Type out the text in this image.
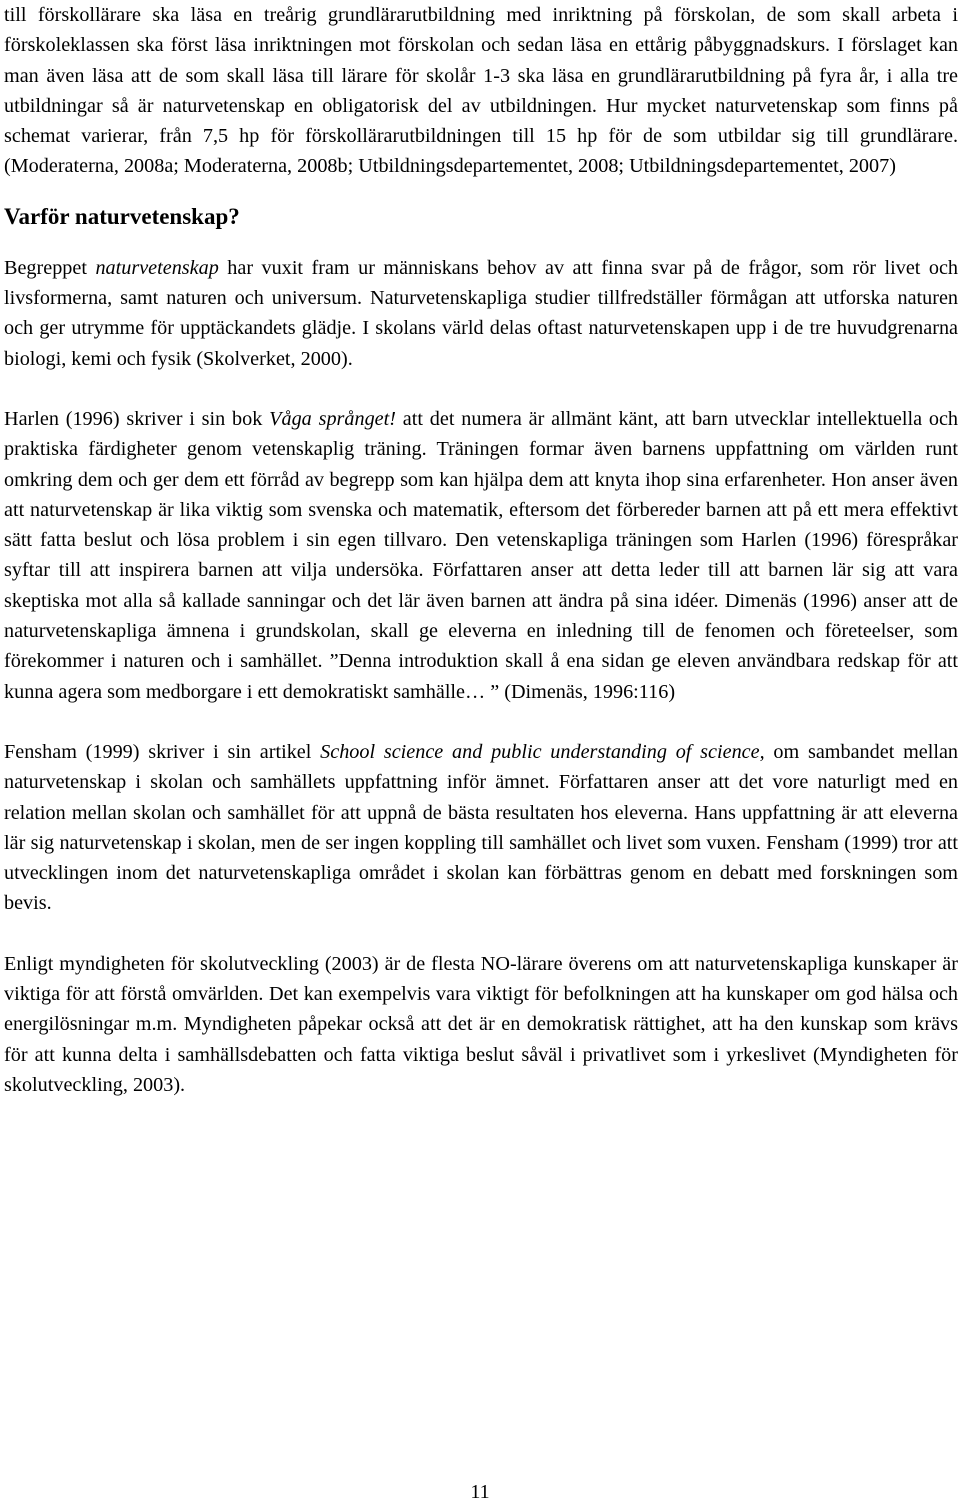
till förskollärare ska läsa en treårig grundlärarutbildning med inriktning på förskolan, de som skall arbeta i förskoleklassen ska först läsa inriktningen mot förskolan och sedan läsa en ettårig påbyggnadskurs. I förslaget kan man även läsa att de som skall läsa till lärare för skolår 1-3 ska läsa en grundlärarutbildning på fyra år, i alla tre utbildningar så är naturvetenskap en obligatorisk del av utbildningen. Hur mycket naturvetenskap som finns på schemat varierar, från 7,5 hp för förskollärarutbildningen till 15 hp för de som utbildar sig till grundlärare. (Moderaterna, 2008a; Moderaterna, 2008b; Utbildningsdepartementet, 2008; Utbildningsdepartementet, 2007)

Varför naturvetenskap?

Begreppet naturvetenskap har vuxit fram ur människans behov av att finna svar på de frågor, som rör livet och livsformerna, samt naturen och universum. Naturvetenskapliga studier tillfredställer förmågan att utforska naturen och ger utrymme för upptäckandets glädje. I skolans värld delas oftast naturvetenskapen upp i de tre huvudgrenarna biologi, kemi och fysik (Skolverket, 2000).

Harlen (1996) skriver i sin bok Våga språnget! att det numera är allmänt känt, att barn utvecklar intellektuella och praktiska färdigheter genom vetenskaplig träning. Träningen formar även barnens uppfattning om världen runt omkring dem och ger dem ett förråd av begrepp som kan hjälpa dem att knyta ihop sina erfarenheter. Hon anser även att naturvetenskap är lika viktig som svenska och matematik, eftersom det förbereder barnen att på ett mera effektivt sätt fatta beslut och lösa problem i sin egen tillvaro. Den vetenskapliga träningen som Harlen (1996) förespråkar syftar till att inspirera barnen att vilja undersöka. Författaren anser att detta leder till att barnen lär sig att vara skeptiska mot alla så kallade sanningar och det lär även barnen att ändra på sina idéer. Dimenäs (1996) anser att de naturvetenskapliga ämnena i grundskolan, skall ge eleverna en inledning till de fenomen och företeelser, som förekommer i naturen och i samhället. ”Denna introduktion skall å ena sidan ge eleven användbara redskap för att kunna agera som medborgare i ett demokratiskt samhälle… ” (Dimenäs, 1996:116)

Fensham (1999) skriver i sin artikel School science and public understanding of science, om sambandet mellan naturvetenskap i skolan och samhällets uppfattning inför ämnet. Författaren anser att det vore naturligt med en relation mellan skolan och samhället för att uppnå de bästa resultaten hos eleverna. Hans uppfattning är att eleverna lär sig naturvetenskap i skolan, men de ser ingen koppling till samhället och livet som vuxen. Fensham (1999) tror att utvecklingen inom det naturvetenskapliga området i skolan kan förbättras genom en debatt med forskningen som bevis.

Enligt myndigheten för skolutveckling (2003) är de flesta NO-lärare överens om att naturvetenskapliga kunskaper är viktiga för att förstå omvärlden. Det kan exempelvis vara viktigt för befolkningen att ha kunskaper om god hälsa och energilösningar m.m. Myndigheten påpekar också att det är en demokratisk rättighet, att ha den kunskap som krävs för att kunna delta i samhällsdebatten och fatta viktiga beslut såväl i privatlivet som i yrkeslivet (Myndigheten för skolutveckling, 2003).

11
